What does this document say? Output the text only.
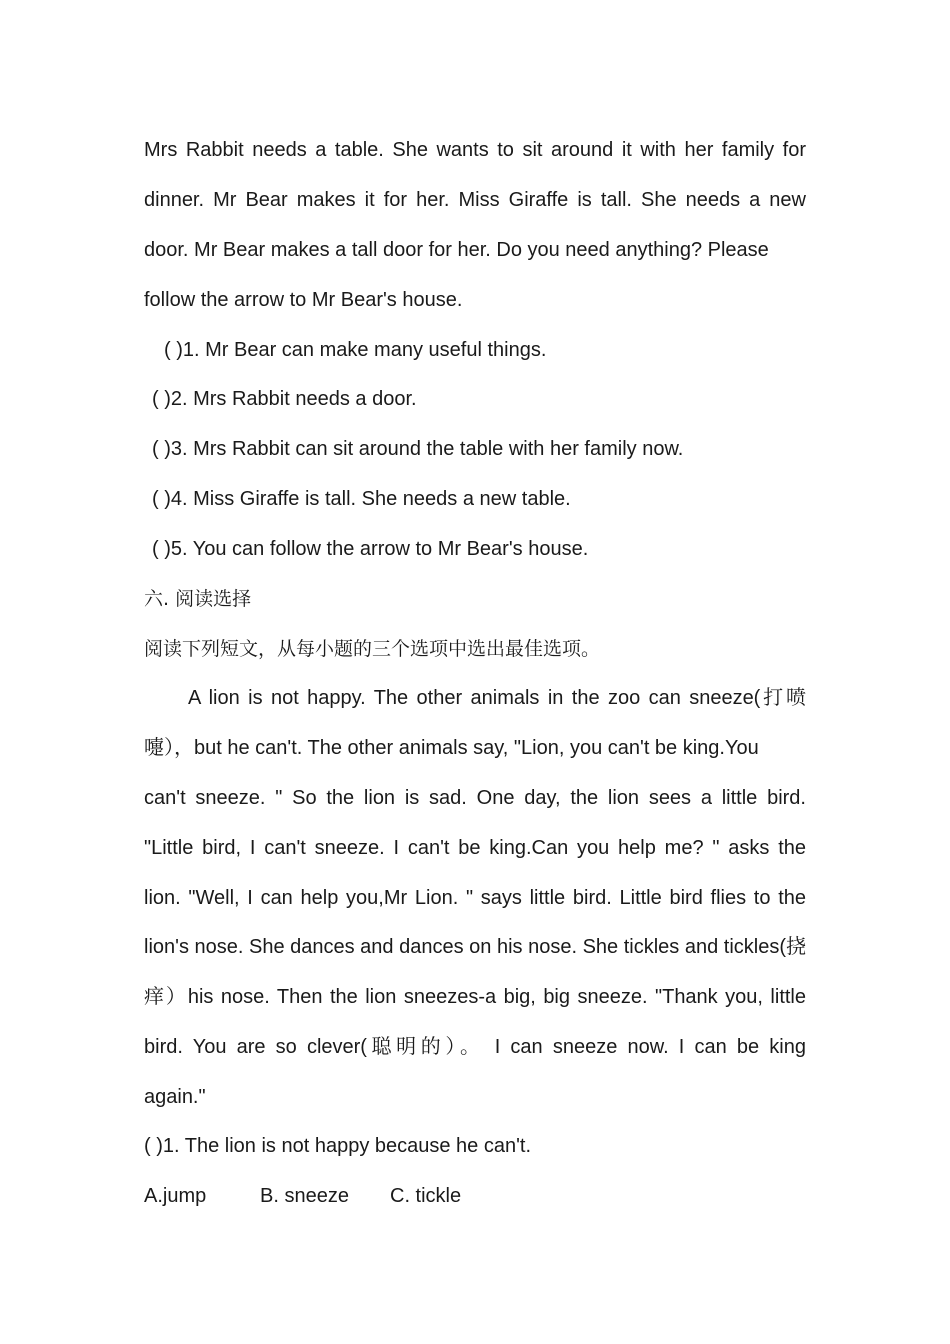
Mrs Rabbit needs a table. She wants to sit around it with her family for
dinner. Mr Bear makes it for her. Miss Giraffe is tall. She needs a new
door. Mr Bear makes a tall door for her. Do you need anything? Please
follow the arrow to Mr Bear's house.
( )1. Mr Bear can make many useful things.
( )2. Mrs Rabbit needs a door.
( )3. Mrs Rabbit can sit around the table with her family now.
( )4. Miss Giraffe is tall. She needs a new table.
( )5. You can follow the arrow to Mr Bear's house.
六. 阅读选择
阅读下列短文，从每小题的三个选项中选出最佳选项。
A lion is not happy. The other animals in the zoo can sneeze(打喷
嚏），but he can't. The other animals say, "Lion, you can't be king.You
can't sneeze. " So the lion is sad. One day, the lion sees a little bird.
"Little bird, I can't sneeze. I can't be king.Can you help me? " asks the
lion. "Well, I can help you,Mr Lion. " says little bird. Little bird flies to the
lion's nose. She dances and dances on his nose. She tickles and tickles(挠
痒）his nose. Then the lion sneezes-a big, big sneeze. "Thank you, little
bird. You are so clever(聪明的）。 I can sneeze now. I can be king
again."
( )1. The lion is not happy because he can't.
A.jump	B. sneeze C. tickle
